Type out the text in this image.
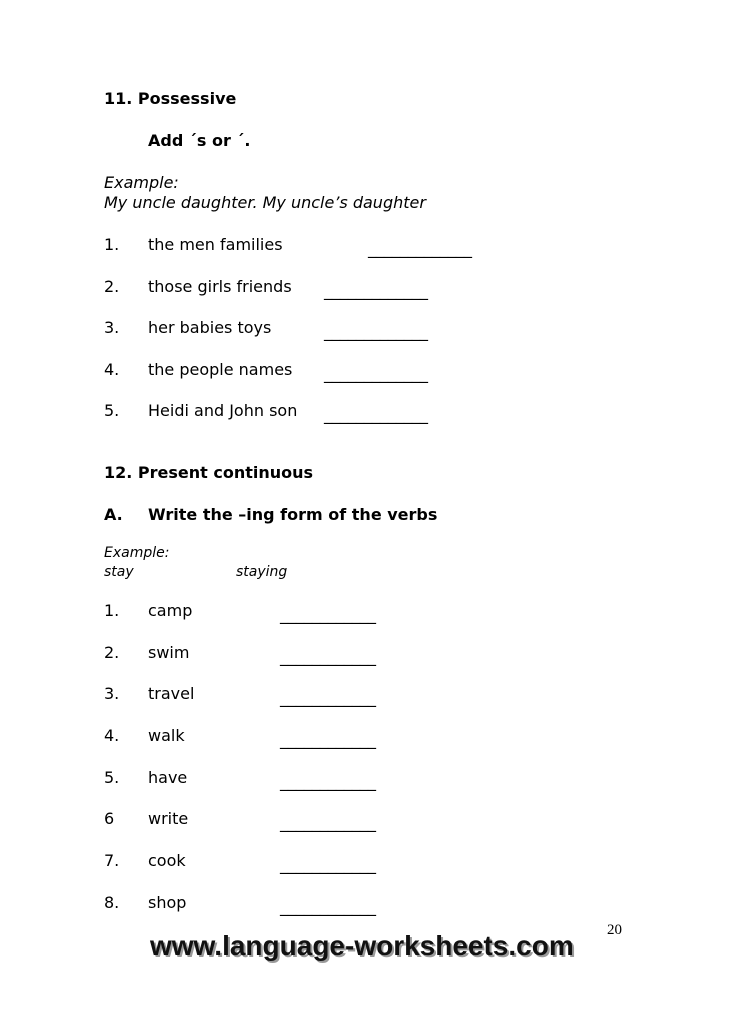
11. Possessive
Add ´s or ´.
Example:
My uncle daughter. My uncle’s daughter
1. the men families	_____________
2. those girls friends _____________
3. her babies toys	_____________
4. the people names _____________
5. Heidi and John son _____________
12. Present continuous
A. Write the –ing form of the verbs
Example:
stay	staying
1. camp	____________
2. swim	____________
3. travel	____________
4. walk	____________
5. have	____________
6 write	____________
7. cook	____________
8. shop	____________
20
www.language-worksheets.com
